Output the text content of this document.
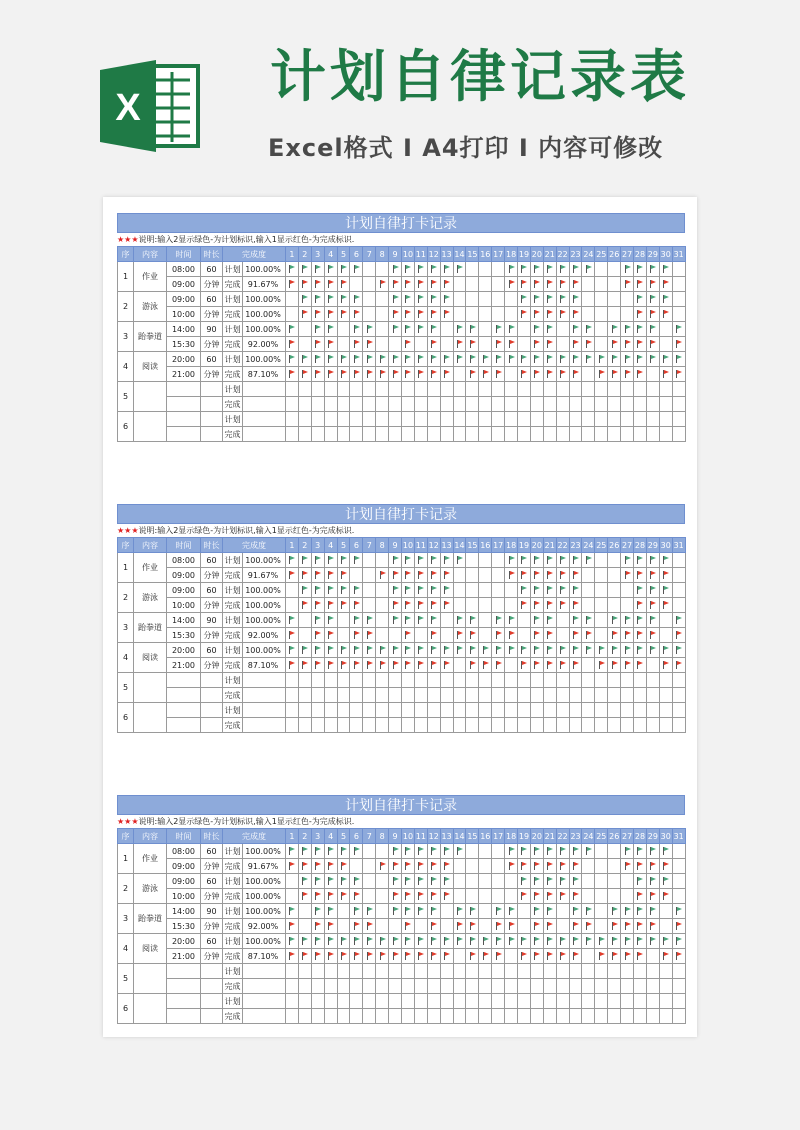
X 计划自律记录表
Excel格式 I A4打印 I 内容可修改
计划自律打卡记录
★★★说明:输入2显示绿色-为计划标识,输入1显示红色-为完成标识.
序	内容	时间	时长	完成度		1	2	3	4	5	6	7	8	9	10	11	12	13	14	15	16	17	18	19	20	21	22	23	24	25	26	27	28	29	30	31
1	作业	08:00	60	计划	100.00%																															
		09:00	分钟	完成	91.67%																															
2	游泳	09:00	60	计划	100.00%																															
		10:00	分钟	完成	100.00%																															
3	跆拳道	14:00	90	计划	100.00%																															
		15:30	分钟	完成	92.00%																															
4	阅读	20:00	60	计划	100.00%																															
		21:00	分钟	完成	87.10%																															
5				计划																																
				完成																																
6				计划																																
				完成																																
计划自律打卡记录
★★★说明:输入2显示绿色-为计划标识,输入1显示红色-为完成标识.
序	内容	时间	时长	完成度		1	2	3	4	5	6	7	8	9	10	11	12	13	14	15	16	17	18	19	20	21	22	23	24	25	26	27	28	29	30	31
1	作业	08:00	60	计划	100.00%																															
		09:00	分钟	完成	91.67%																															
2	游泳	09:00	60	计划	100.00%																															
		10:00	分钟	完成	100.00%																															
3	跆拳道	14:00	90	计划	100.00%																															
		15:30	分钟	完成	92.00%																															
4	阅读	20:00	60	计划	100.00%																															
		21:00	分钟	完成	87.10%																															
5				计划																																
				完成																																
6				计划																																
				完成																																
计划自律打卡记录
★★★说明:输入2显示绿色-为计划标识,输入1显示红色-为完成标识.
序	内容	时间	时长	完成度		1	2	3	4	5	6	7	8	9	10	11	12	13	14	15	16	17	18	19	20	21	22	23	24	25	26	27	28	29	30	31
1	作业	08:00	60	计划	100.00%																															
		09:00	分钟	完成	91.67%																															
2	游泳	09:00	60	计划	100.00%																															
		10:00	分钟	完成	100.00%																															
3	跆拳道	14:00	90	计划	100.00%																															
		15:30	分钟	完成	92.00%																															
4	阅读	20:00	60	计划	100.00%																															
		21:00	分钟	完成	87.10%																															
5				计划																																
				完成																																
6				计划																																
				完成																																
